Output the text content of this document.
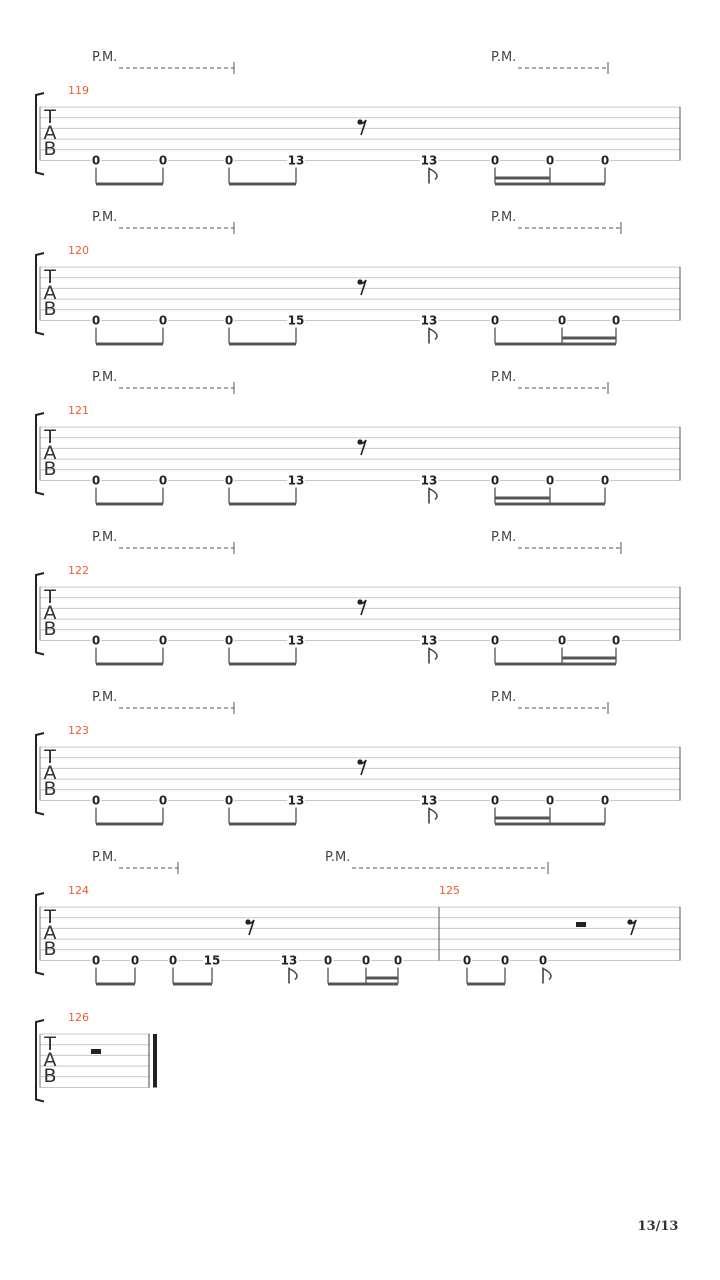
T
A
B
119
P.M.	P.M.
0	0	0	13	13	0	0	0
T
A
B
120
P.M.	P.M.
0	0	0	15	13	0	0	0
T
A
B
121
P.M.	P.M.
0	0	0	13	13	0	0	0
T
A
B
122
P.M.	P.M.
0	0	0	13	13	0	0	0
T
A
B
123
P.M.	P.M.
0	0	0	13	13	0	0	0
T
A
B
124	125
P.M.	P.M.
0	0 0 15	13 0 0 0	0 0 0
T
A
B
126
13/13
